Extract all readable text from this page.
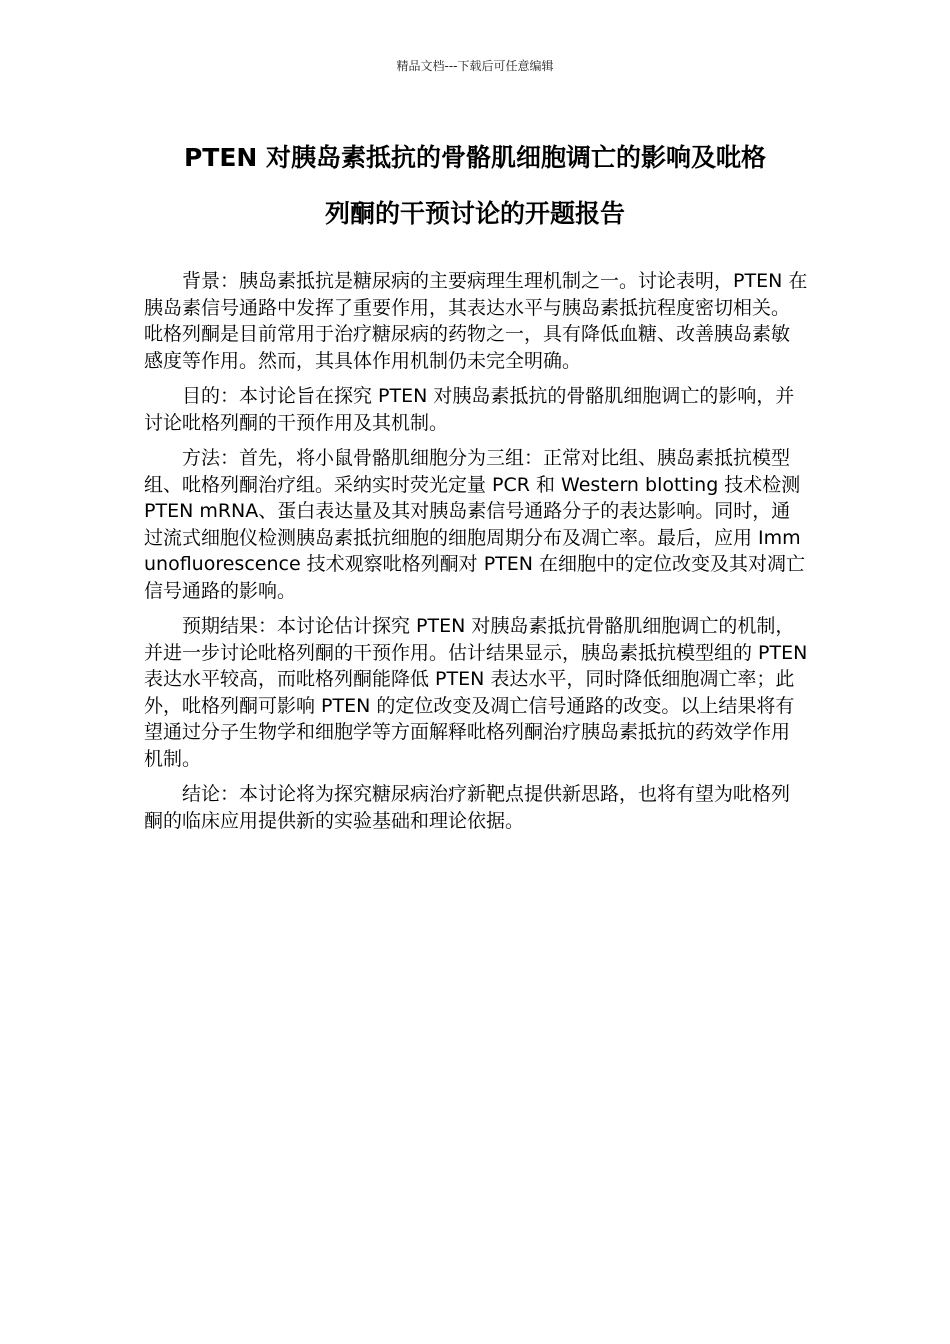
精品文档---下载后可任意编辑
PTEN 对胰岛素抵抗的骨骼肌细胞调亡的影响及吡格
列酮的干预讨论的开题报告

背景：胰岛素抵抗是糖尿病的主要病理生理机制之一。讨论表明，PTEN 在胰岛素信号通路中发挥了重要作用，其表达水平与胰岛素抵抗程度密切相关。吡格列酮是目前常用于治疗糖尿病的药物之一，具有降低血糖、改善胰岛素敏感度等作用。然而，其具体作用机制仍未完全明确。

目的：本讨论旨在探究 PTEN 对胰岛素抵抗的骨骼肌细胞调亡的影响，并讨论吡格列酮的干预作用及其机制。

方法：首先，将小鼠骨骼肌细胞分为三组：正常对比组、胰岛素抵抗模型组、吡格列酮治疗组。采纳实时荧光定量 PCR 和 Western blotting 技术检测 PTEN mRNA、蛋白表达量及其对胰岛素信号通路分子的表达影响。同时，通过流式细胞仪检测胰岛素抵抗细胞的细胞周期分布及凋亡率。最后，应用 Immunofluorescence 技术观察吡格列酮对 PTEN 在细胞中的定位改变及其对凋亡信号通路的影响。

预期结果：本讨论估计探究 PTEN 对胰岛素抵抗骨骼肌细胞调亡的机制，并进一步讨论吡格列酮的干预作用。估计结果显示，胰岛素抵抗模型组的 PTEN 表达水平较高，而吡格列酮能降低 PTEN 表达水平，同时降低细胞凋亡率；此外，吡格列酮可影响 PTEN 的定位改变及凋亡信号通路的改变。以上结果将有望通过分子生物学和细胞学等方面解释吡格列酮治疗胰岛素抵抗的药效学作用机制。

结论：本讨论将为探究糖尿病治疗新靶点提供新思路，也将有望为吡格列酮的临床应用提供新的实验基础和理论依据。
